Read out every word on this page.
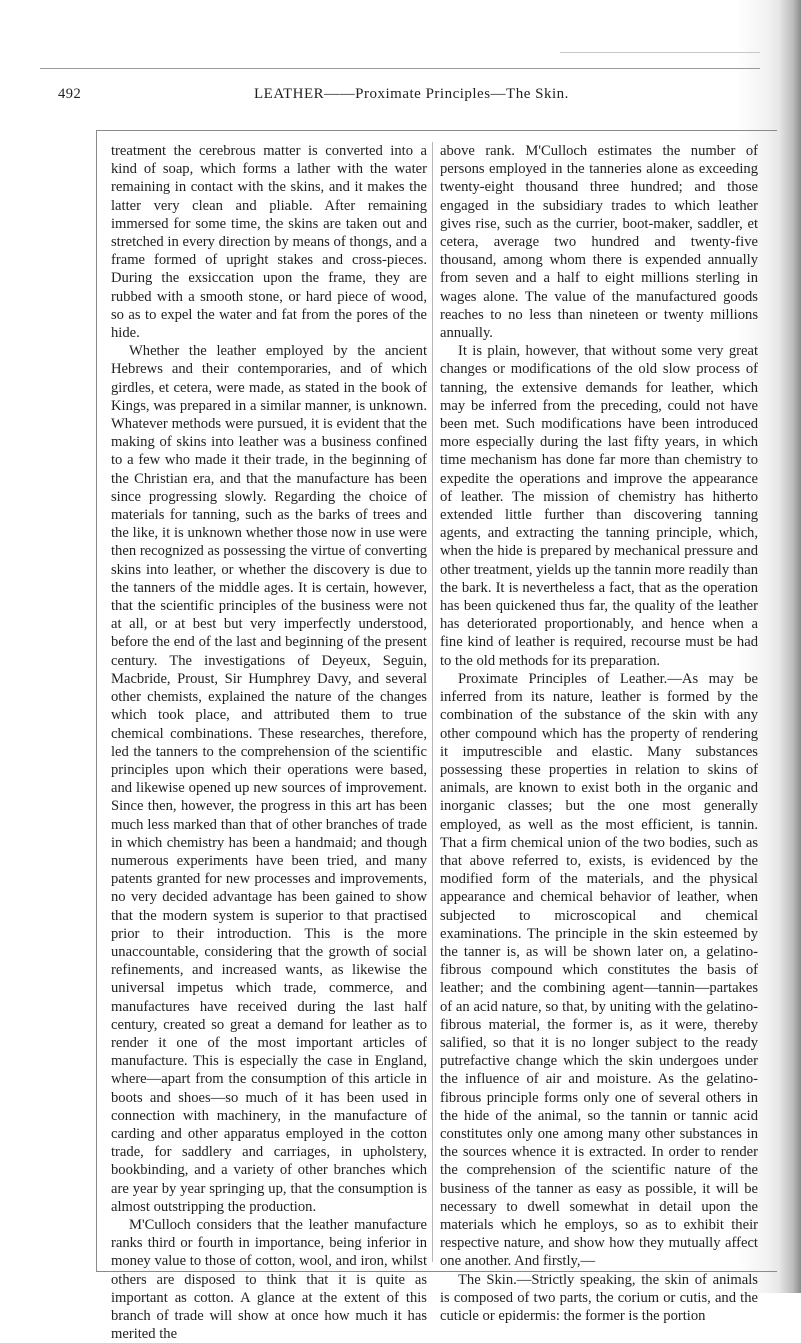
492	LEATHER——Proximate Principles—The Skin.

treatment the cerebrous matter is converted into a kind of soap, which forms a lather with the water remaining in contact with the skins, and it makes the latter very clean and pliable. After remaining immersed for some time, the skins are taken out and stretched in every direction by means of thongs, and a frame formed of upright stakes and cross-pieces. During the exsiccation upon the frame, they are rubbed with a smooth stone, or hard piece of wood, so as to expel the water and fat from the pores of the hide.

Whether the leather employed by the ancient Hebrews and their contemporaries, and of which girdles, et cetera, were made, as stated in the book of Kings, was prepared in a similar manner, is unknown. Whatever methods were pursued, it is evident that the making of skins into leather was a business confined to a few who made it their trade, in the beginning of the Christian era, and that the manufacture has been since progressing slowly. Regarding the choice of materials for tanning, such as the barks of trees and the like, it is unknown whether those now in use were then recognized as possessing the virtue of converting skins into leather, or whether the discovery is due to the tanners of the middle ages. It is certain, however, that the scientific principles of the business were not at all, or at best but very imperfectly understood, before the end of the last and beginning of the present century. The investigations of Deyeux, Seguin, Macbride, Proust, Sir Humphrey Davy, and several other chemists, explained the nature of the changes which took place, and attributed them to true chemical combinations. These researches, therefore, led the tanners to the comprehension of the scientific principles upon which their operations were based, and likewise opened up new sources of improvement. Since then, however, the progress in this art has been much less marked than that of other branches of trade in which chemistry has been a handmaid; and though numerous experiments have been tried, and many patents granted for new processes and improvements, no very decided advantage has been gained to show that the modern system is superior to that practised prior to their introduction. This is the more unaccountable, considering that the growth of social refinements, and increased wants, as likewise the universal impetus which trade, commerce, and manufactures have received during the last half century, created so great a demand for leather as to render it one of the most important articles of manufacture. This is especially the case in England, where—apart from the consumption of this article in boots and shoes—so much of it has been used in connection with machinery, in the manufacture of carding and other apparatus employed in the cotton trade, for saddlery and carriages, in upholstery, bookbinding, and a variety of other branches which are year by year springing up, that the consumption is almost outstripping the production.

M'Culloch considers that the leather manufacture ranks third or fourth in importance, being inferior in money value to those of cotton, wool, and iron, whilst others are disposed to think that it is quite as important as cotton. A glance at the extent of this branch of trade will show at once how much it has merited the

above rank. M'Culloch estimates the number of persons employed in the tanneries alone as exceeding twenty-eight thousand three hundred; and those engaged in the subsidiary trades to which leather gives rise, such as the currier, boot-maker, saddler, et cetera, average two hundred and twenty-five thousand, among whom there is expended annually from seven and a half to eight millions sterling in wages alone. The value of the manufactured goods reaches to no less than nineteen or twenty millions annually.

It is plain, however, that without some very great changes or modifications of the old slow process of tanning, the extensive demands for leather, which may be inferred from the preceding, could not have been met. Such modifications have been introduced more especially during the last fifty years, in which time mechanism has done far more than chemistry to expedite the operations and improve the appearance of leather. The mission of chemistry has hitherto extended little further than discovering tanning agents, and extracting the tanning principle, which, when the hide is prepared by mechanical pressure and other treatment, yields up the tannin more readily than the bark. It is nevertheless a fact, that as the operation has been quickened thus far, the quality of the leather has deteriorated proportionably, and hence when a fine kind of leather is required, recourse must be had to the old methods for its preparation.

Proximate Principles of Leather.—As may be inferred from its nature, leather is formed by the combination of the substance of the skin with any other compound which has the property of rendering it imputrescible and elastic. Many substances possessing these properties in relation to skins of animals, are known to exist both in the organic and inorganic classes; but the one most generally employed, as well as the most efficient, is tannin. That a firm chemical union of the two bodies, such as that above referred to, exists, is evidenced by the modified form of the materials, and the physical appearance and chemical behavior of leather, when subjected to microscopical and chemical examinations. The principle in the skin esteemed by the tanner is, as will be shown later on, a gelatino-fibrous compound which constitutes the basis of leather; and the combining agent—tannin—partakes of an acid nature, so that, by uniting with the gelatino-fibrous material, the former is, as it were, thereby salified, so that it is no longer subject to the ready putrefactive change which the skin undergoes under the influence of air and moisture. As the gelatino-fibrous principle forms only one of several others in the hide of the animal, so the tannin or tannic acid constitutes only one among many other substances in the sources whence it is extracted. In order to render the comprehension of the scientific nature of the business of the tanner as easy as possible, it will be necessary to dwell somewhat in detail upon the materials which he employs, so as to exhibit their respective nature, and show how they mutually affect one another. And firstly,—

The Skin.—Strictly speaking, the skin of animals is composed of two parts, the corium or cutis, and the cuticle or epidermis: the former is the portion
